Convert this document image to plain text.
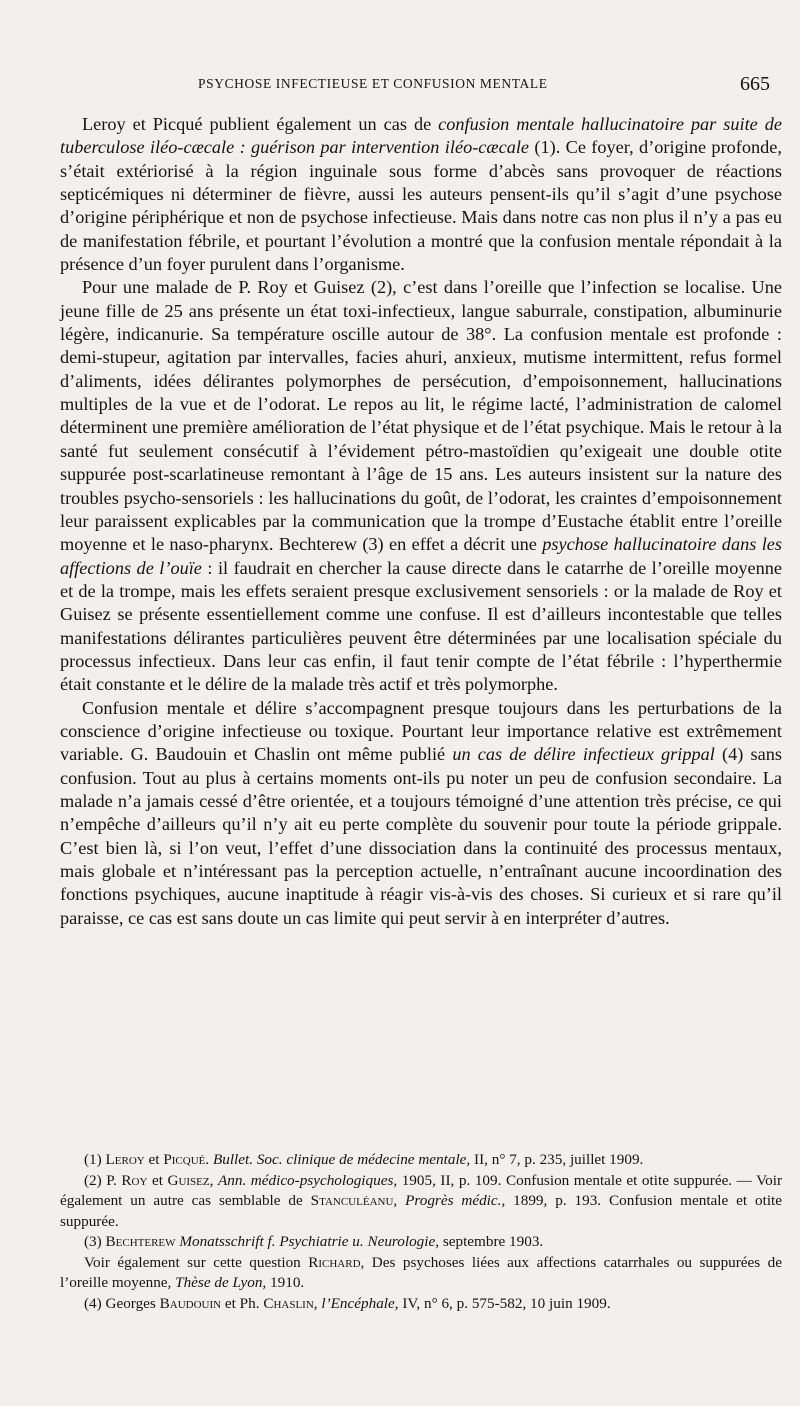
PSYCHOSE INFECTIEUSE ET CONFUSION MENTALE	665

Leroy et Picqué publient également un cas de confusion mentale hallucinatoire par suite de tuberculose iléo-cæcale : guérison par intervention iléo-cæcale (1). Ce foyer, d’origine profonde, s’était extériorisé à la région inguinale sous forme d’abcès sans provoquer de réactions septicémiques ni déterminer de fièvre, aussi les auteurs pensent-ils qu’il s’agit d’une psychose d’origine périphérique et non de psychose infectieuse. Mais dans notre cas non plus il n’y a pas eu de manifestation fébrile, et pourtant l’évolution a montré que la confusion mentale répondait à la présence d’un foyer purulent dans l’organisme.

Pour une malade de P. Roy et Guisez (2), c’est dans l’oreille que l’infection se localise. Une jeune fille de 25 ans présente un état toxi-infectieux, langue saburrale, constipation, albuminurie légère, indicanurie. Sa température oscille autour de 38°. La confusion mentale est profonde : demi-stupeur, agitation par intervalles, facies ahuri, anxieux, mutisme intermittent, refus formel d’aliments, idées délirantes polymorphes de persécution, d’empoisonnement, hallucinations multiples de la vue et de l’odorat. Le repos au lit, le régime lacté, l’administration de calomel déterminent une première amélioration de l’état physique et de l’état psychique. Mais le retour à la santé fut seulement consécutif à l’évidement pétro-mastoïdien qu’exigeait une double otite suppurée post-scarlatineuse remontant à l’âge de 15 ans. Les auteurs insistent sur la nature des troubles psycho-sensoriels : les hallucinations du goût, de l’odorat, les craintes d’empoisonnement leur paraissent explicables par la communication que la trompe d’Eustache établit entre l’oreille moyenne et le naso-pharynx. Bechterew (3) en effet a décrit une psychose hallucinatoire dans les affections de l’ouïe : il faudrait en chercher la cause directe dans le catarrhe de l’oreille moyenne et de la trompe, mais les effets seraient presque exclusivement sensoriels : or la malade de Roy et Guisez se présente essentiellement comme une confuse. Il est d’ailleurs incontestable que telles manifestations délirantes particulières peuvent être déterminées par une localisation spéciale du processus infectieux. Dans leur cas enfin, il faut tenir compte de l’état fébrile : l’hyperthermie était constante et le délire de la malade très actif et très polymorphe.

Confusion mentale et délire s’accompagnent presque toujours dans les perturbations de la conscience d’origine infectieuse ou toxique. Pourtant leur importance relative est extrêmement variable. G. Baudouin et Chaslin ont même publié un cas de délire infectieux grippal (4) sans confusion. Tout au plus à certains moments ont-ils pu noter un peu de confusion secondaire. La malade n’a jamais cessé d’être orientée, et a toujours témoigné d’une attention très précise, ce qui n’empêche d’ailleurs qu’il n’y ait eu perte complète du souvenir pour toute la période grippale. C’est bien là, si l’on veut, l’effet d’une dissociation dans la continuité des processus mentaux, mais globale et n’intéressant pas la perception actuelle, n’entraînant aucune incoordination des fonctions psychiques, aucune inaptitude à réagir vis-à-vis des choses. Si curieux et si rare qu’il paraisse, ce cas est sans doute un cas limite qui peut servir à en interpréter d’autres.

(1) Leroy et Picqué. Bullet. Soc. clinique de médecine mentale, II, n° 7, p. 235, juillet 1909.

(2) P. Roy et Guisez, Ann. médico-psychologiques, 1905, II, p. 109. Confusion mentale et otite suppurée. — Voir également un autre cas semblable de Stanculéanu, Progrès médic., 1899, p. 193. Confusion mentale et otite suppurée.

(3) Bechterew Monatsschrift f. Psychiatrie u. Neurologie, septembre 1903.

Voir également sur cette question Richard, Des psychoses liées aux affections catarrhales ou suppurées de l’oreille moyenne, Thèse de Lyon, 1910.

(4) Georges Baudouin et Ph. Chaslin, l’Encéphale, IV, n° 6, p. 575-582, 10 juin 1909.
